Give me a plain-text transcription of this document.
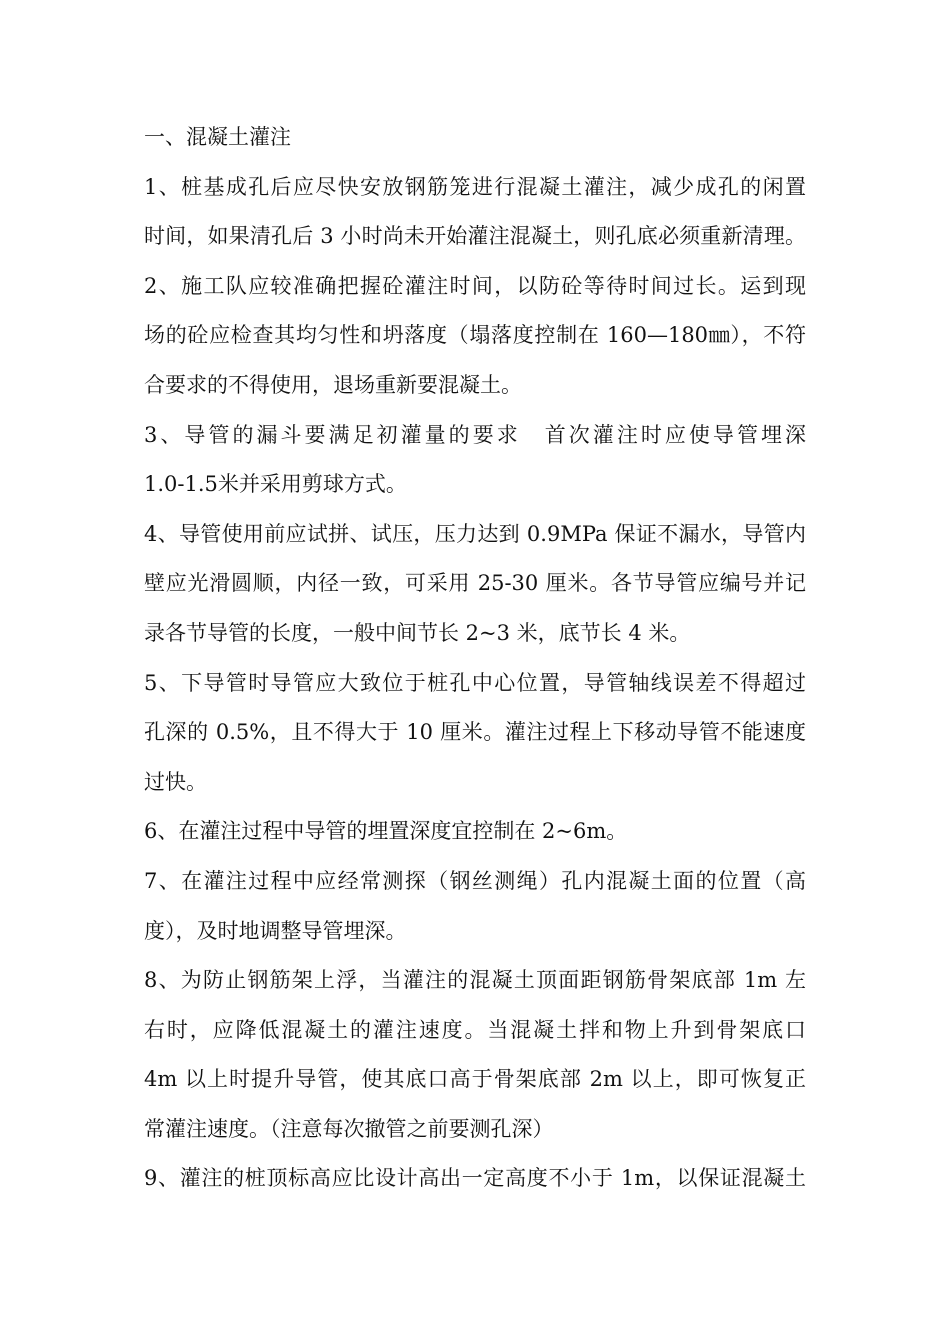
一、混凝土灌注
1、桩基成孔后应尽快安放钢筋笼进行混凝土灌注，减少成孔的闲置
时间，如果清孔后 3 小时尚未开始灌注混凝土，则孔底必须重新清理。
2、施工队应较准确把握砼灌注时间，以防砼等待时间过长。运到现
场的砼应检查其均匀性和坍落度（塌落度控制在 160—180㎜），不符
合要求的不得使用，退场重新要混凝土。
3、导管的漏斗要满足初灌量的要求　首次灌注时应使导管埋深
1.0-1.5米并采用剪球方式。
4、导管使用前应试拼、试压，压力达到 0.9MPa 保证不漏水，导管内
壁应光滑圆顺，内径一致，可采用 25-30 厘米。各节导管应编号并记
录各节导管的长度，一般中间节长 2~3 米，底节长 4 米。
5、下导管时导管应大致位于桩孔中心位置，导管轴线误差不得超过
孔深的 0.5%，且不得大于 10 厘米。灌注过程上下移动导管不能速度
过快。
6、在灌注过程中导管的埋置深度宜控制在 2~6m。
7、在灌注过程中应经常测探（钢丝测绳）孔内混凝土面的位置（高
度），及时地调整导管埋深。
8、为防止钢筋架上浮，当灌注的混凝土顶面距钢筋骨架底部 1m 左
右时，应降低混凝土的灌注速度。当混凝土拌和物上升到骨架底口
4m 以上时提升导管，使其底口高于骨架底部 2m 以上，即可恢复正
常灌注速度。（注意每次撤管之前要测孔深）
9、灌注的桩顶标高应比设计高出一定高度不小于 1m，以保证混凝土
